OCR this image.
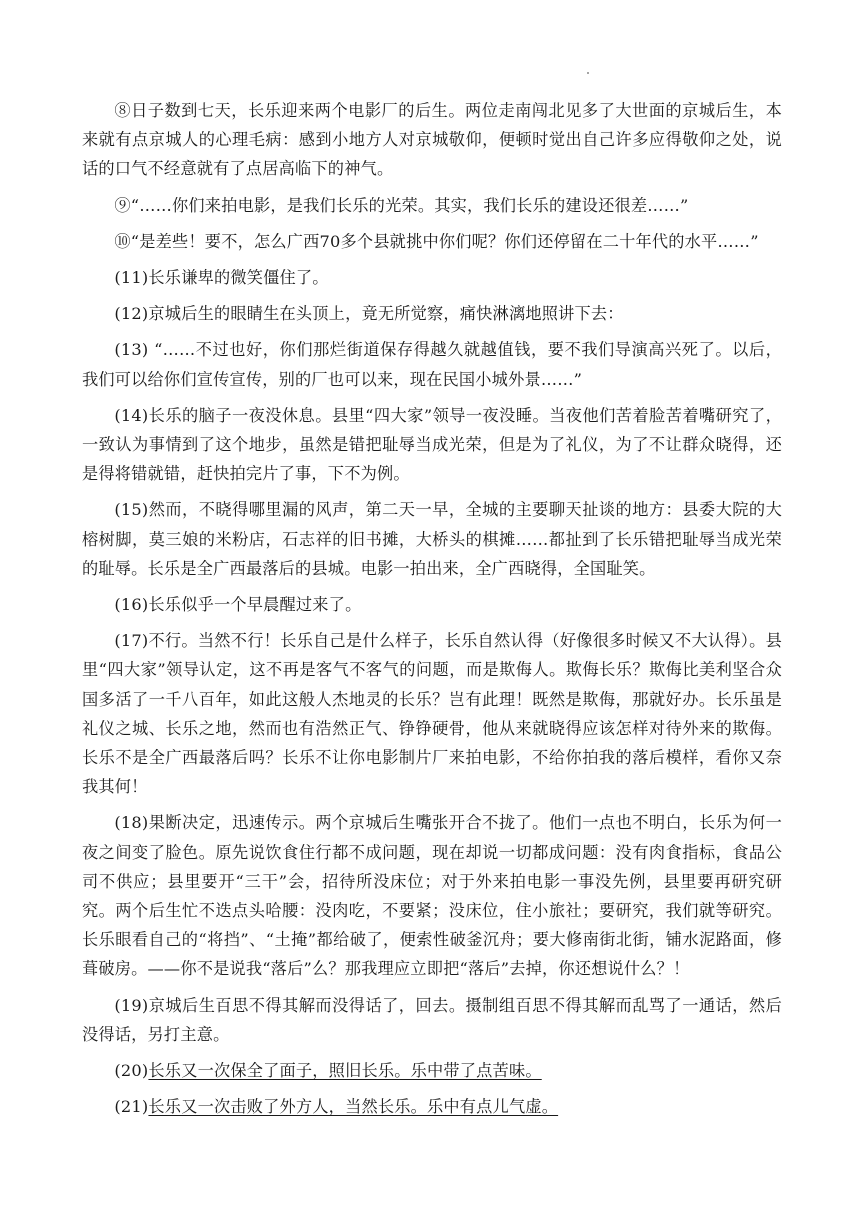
⑧日子数到七天，长乐迎来两个电影厂的后生。两位走南闯北见多了大世面的京城后生，本来就有点京城人的心理毛病：感到小地方人对京城敬仰，便顿时觉出自己许多应得敬仰之处，说话的口气不经意就有了点居高临下的神气。

⑨“……你们来拍电影，是我们长乐的光荣。其实，我们长乐的建设还很差……”

⑩“是差些！要不，怎么广西70多个县就挑中你们呢？你们还停留在二十年代的水平……”

(11)长乐谦卑的微笑僵住了。

(12)京城后生的眼睛生在头顶上，竟无所觉察，痛快淋漓地照讲下去：

(13) “……不过也好，你们那烂街道保存得越久就越值钱，要不我们导演高兴死了。以后，我们可以给你们宣传宣传，别的厂也可以来，现在民国小城外景……”

(14)长乐的脑子一夜没休息。县里“四大家”领导一夜没睡。当夜他们苦着脸苦着嘴研究了，一致认为事情到了这个地步，虽然是错把耻辱当成光荣，但是为了礼仪，为了不让群众晓得，还是得将错就错，赶快拍完片了事，下不为例。

(15)然而，不晓得哪里漏的风声，第二天一早，全城的主要聊天扯谈的地方：县委大院的大榕树脚，莫三娘的米粉店，石志祥的旧书摊，大桥头的棋摊……都扯到了长乐错把耻辱当成光荣的耻辱。长乐是全广西最落后的县城。电影一拍出来，全广西晓得，全国耻笑。

(16)长乐似乎一个早晨醒过来了。

(17)不行。当然不行！长乐自己是什么样子，长乐自然认得（好像很多时候又不大认得）。县里“四大家”领导认定，这不再是客气不客气的问题，而是欺侮人。欺侮长乐？欺侮比美利坚合众国多活了一千八百年，如此这般人杰地灵的长乐？岂有此理！既然是欺侮，那就好办。长乐虽是礼仪之城、长乐之地，然而也有浩然正气、铮铮硬骨，他从来就晓得应该怎样对待外来的欺侮。长乐不是全广西最落后吗？长乐不让你电影制片厂来拍电影，不给你拍我的落后模样，看你又奈我其何！

(18)果断决定，迅速传示。两个京城后生嘴张开合不拢了。他们一点也不明白，长乐为何一夜之间变了脸色。原先说饮食住行都不成问题，现在却说一切都成问题：没有肉食指标，食品公司不供应；县里要开“三干”会，招待所没床位；对于外来拍电影一事没先例，县里要再研究研究。两个后生忙不迭点头哈腰：没肉吃，不要紧；没床位，住小旅社；要研究，我们就等研究。长乐眼看自己的“将挡”、“土掩”都给破了，便索性破釜沉舟；要大修南街北街，铺水泥路面，修葺破房。——你不是说我“落后”么？那我理应立即把“落后”去掉，你还想说什么？！

(19)京城后生百思不得其解而没得话了，回去。摄制组百思不得其解而乱骂了一通话，然后没得话，另打主意。

(20)长乐又一次保全了面子，照旧长乐。乐中带了点苦味。

(21)长乐又一次击败了外方人，当然长乐。乐中有点儿气虚。
